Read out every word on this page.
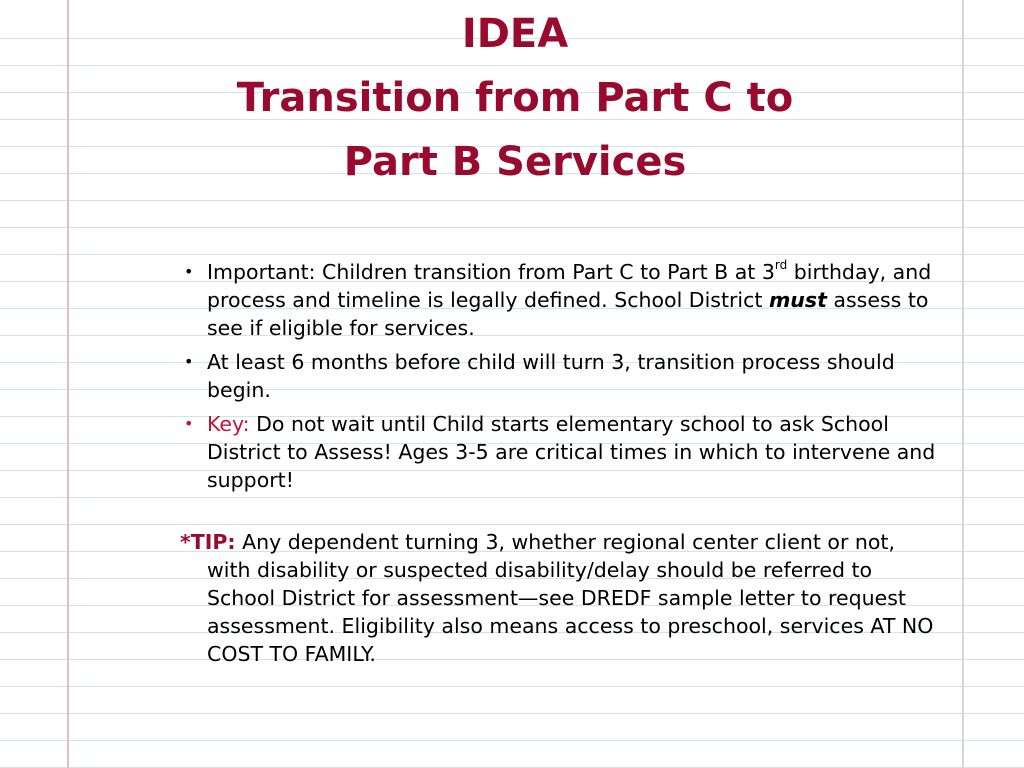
IDEA
Transition from Part C to
Part B Services
• Important: Children transition from Part C to Part B at 3rd birthday, and process and timeline is legally defined. School District must assess to see if eligible for services.
• At least 6 months before child will turn 3, transition process should begin.
• Key: Do not wait until Child starts elementary school to ask School District to Assess! Ages 3-5 are critical times in which to intervene and support!
*TIP: Any dependent turning 3, whether regional center client or not, with disability or suspected disability/delay should be referred to School District for assessment—see DREDF sample letter to request assessment. Eligibility also means access to preschool, services AT NO COST TO FAMILY.
